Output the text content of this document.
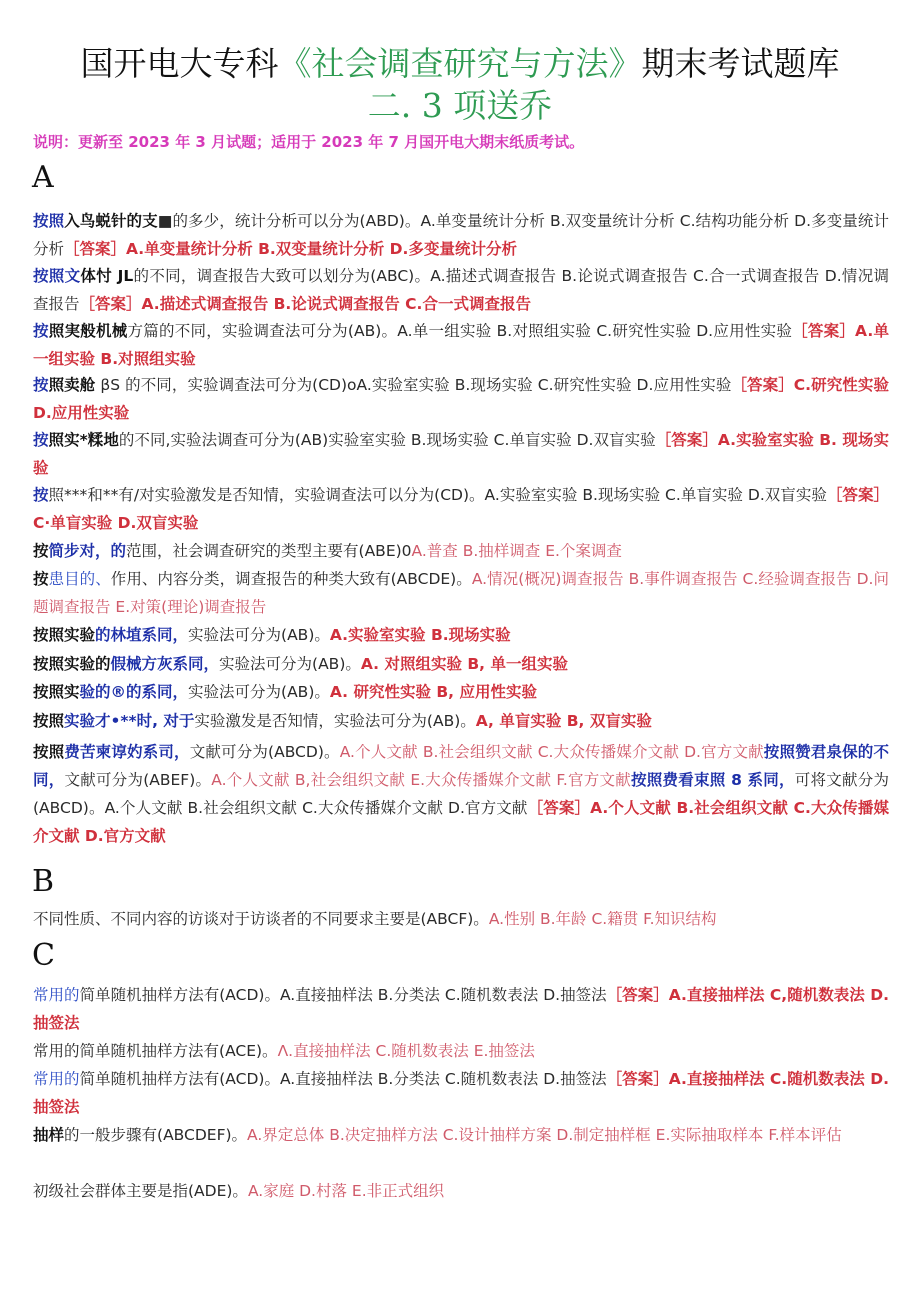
国开电大专科《社会调查研究与方法》期末考试题库
二. 3 项送乔
说明：更新至 2023 年 3 月试题；适用于 2023 年 7 月国开电大期末纸质考试。
A
按照入鸟蜕针的支■的多少，统计分析可以分为(ABD)。A.单变量统计分析 B.双变量统计分析 C.结构功能分析 D.多变量统计分析［答案］A.单变量统计分析 B.双变量统计分析 D.多变量统计分析
按照文体忖 JL的不同，调查报告大致可以划分为(ABC)。A.描述式调查报告 B.论说式调查报告 C.合一式调查报告 D.情况调查报告［答案］A.描述式调查报告 B.论说式调查报告 C.合一式调查报告
按照実般机械方篇的不同，实验调查法可分为(AB)。A.单一组实验 B.对照组实验 C.研究性实验 D.应用性实验［答案］A.单一组实验 B.对照组实验
按照卖舱 βS 的不同，实验调查法可分为(CD)oA.实验室实验 B.现场实验 C.研究性实验 D.应用性实验［答案］C.研究性实验 D.应用性实验
按照实*糅地的不同,实验法调查可分为(AB)实验室实验 B.现场实验 C.单盲实验 D.双盲实验［答案］A.实验室实验 B. 现场实验
按照***和**有/对实验激发是否知情，实验调查法可以分为(CD)。A.实验室实验 B.现场实验 C.单盲实验 D.双盲实验［答案］C·单盲实验 D.双盲实验
按简步对，的范围，社会调查研究的类型主要有(ABE)0A.普查 B.抽样调查 E.个案调查
按患目的、作用、内容分类，调查报告的种类大致有(ABCDE)。A.情况(概况)调查报告 B.事件调查报告 C.经验调查报告 D.问题调查报告 E.对策(理论)调查报告
按照实验的林埴系同，实验法可分为(AB)。A.实验室实验 B.现场实验
按照实验的假械方灰系同，实验法可分为(AB)。A. 对照组实验 B, 单一组实验
按照实验的®的系同，实验法可分为(AB)。A. 研究性实验 B, 应用性实验
按照实验才•**时, 对于实验激发是否知情，实验法可分为(AB)。A, 单盲实验 B, 双盲实验
按照费苦柬谆妁系司，文献可分为(ABCD)。A.个人文献 B.社会组织文献 C.大众传播媒介文献 D.官方文献按照赞君泉保的不同，文献可分为(ABEF)。A.个人文献 B,社会组织文献 E.大众传播媒介文献 F.官方文献按照费看束照 8 系同，可将文献分为(ABCD)。A.个人文献 B.社会组织文献 C.大众传播媒介文献 D.官方文献［答案］A.个人文献 B.社会组织文献 C.大众传播媒介文献 D.官方文献
B
不同性质、不同内容的访谈对于访谈者的不同要求主要是(ABCF)。A.性别 B.年龄 C.籍贯 F.知识结构
C
常用的简单随机抽样方法有(ACD)。A.直接抽样法 B.分类法 C.随机数表法 D.抽签法［答案］A.直接抽样法 C,随机数表法 D.抽签法
常用的简单随机抽样方法有(ACE)。Λ.直接抽样法 C.随机数表法 E.抽签法
常用的简单随机抽样方法有(ACD)。A.直接抽样法 B.分类法 C.随机数表法 D.抽签法［答案］A.直接抽样法 C.随机数表法 D.抽签法
抽样的一般步骤有(ABCDEF)。A.界定总体 B.决定抽样方法 C.设计抽样方案 D.制定抽样框 E.实际抽取样本 F.样本评估
初级社会群体主要是指(ADE)。A.家庭 D.村落 E.非正式组织
